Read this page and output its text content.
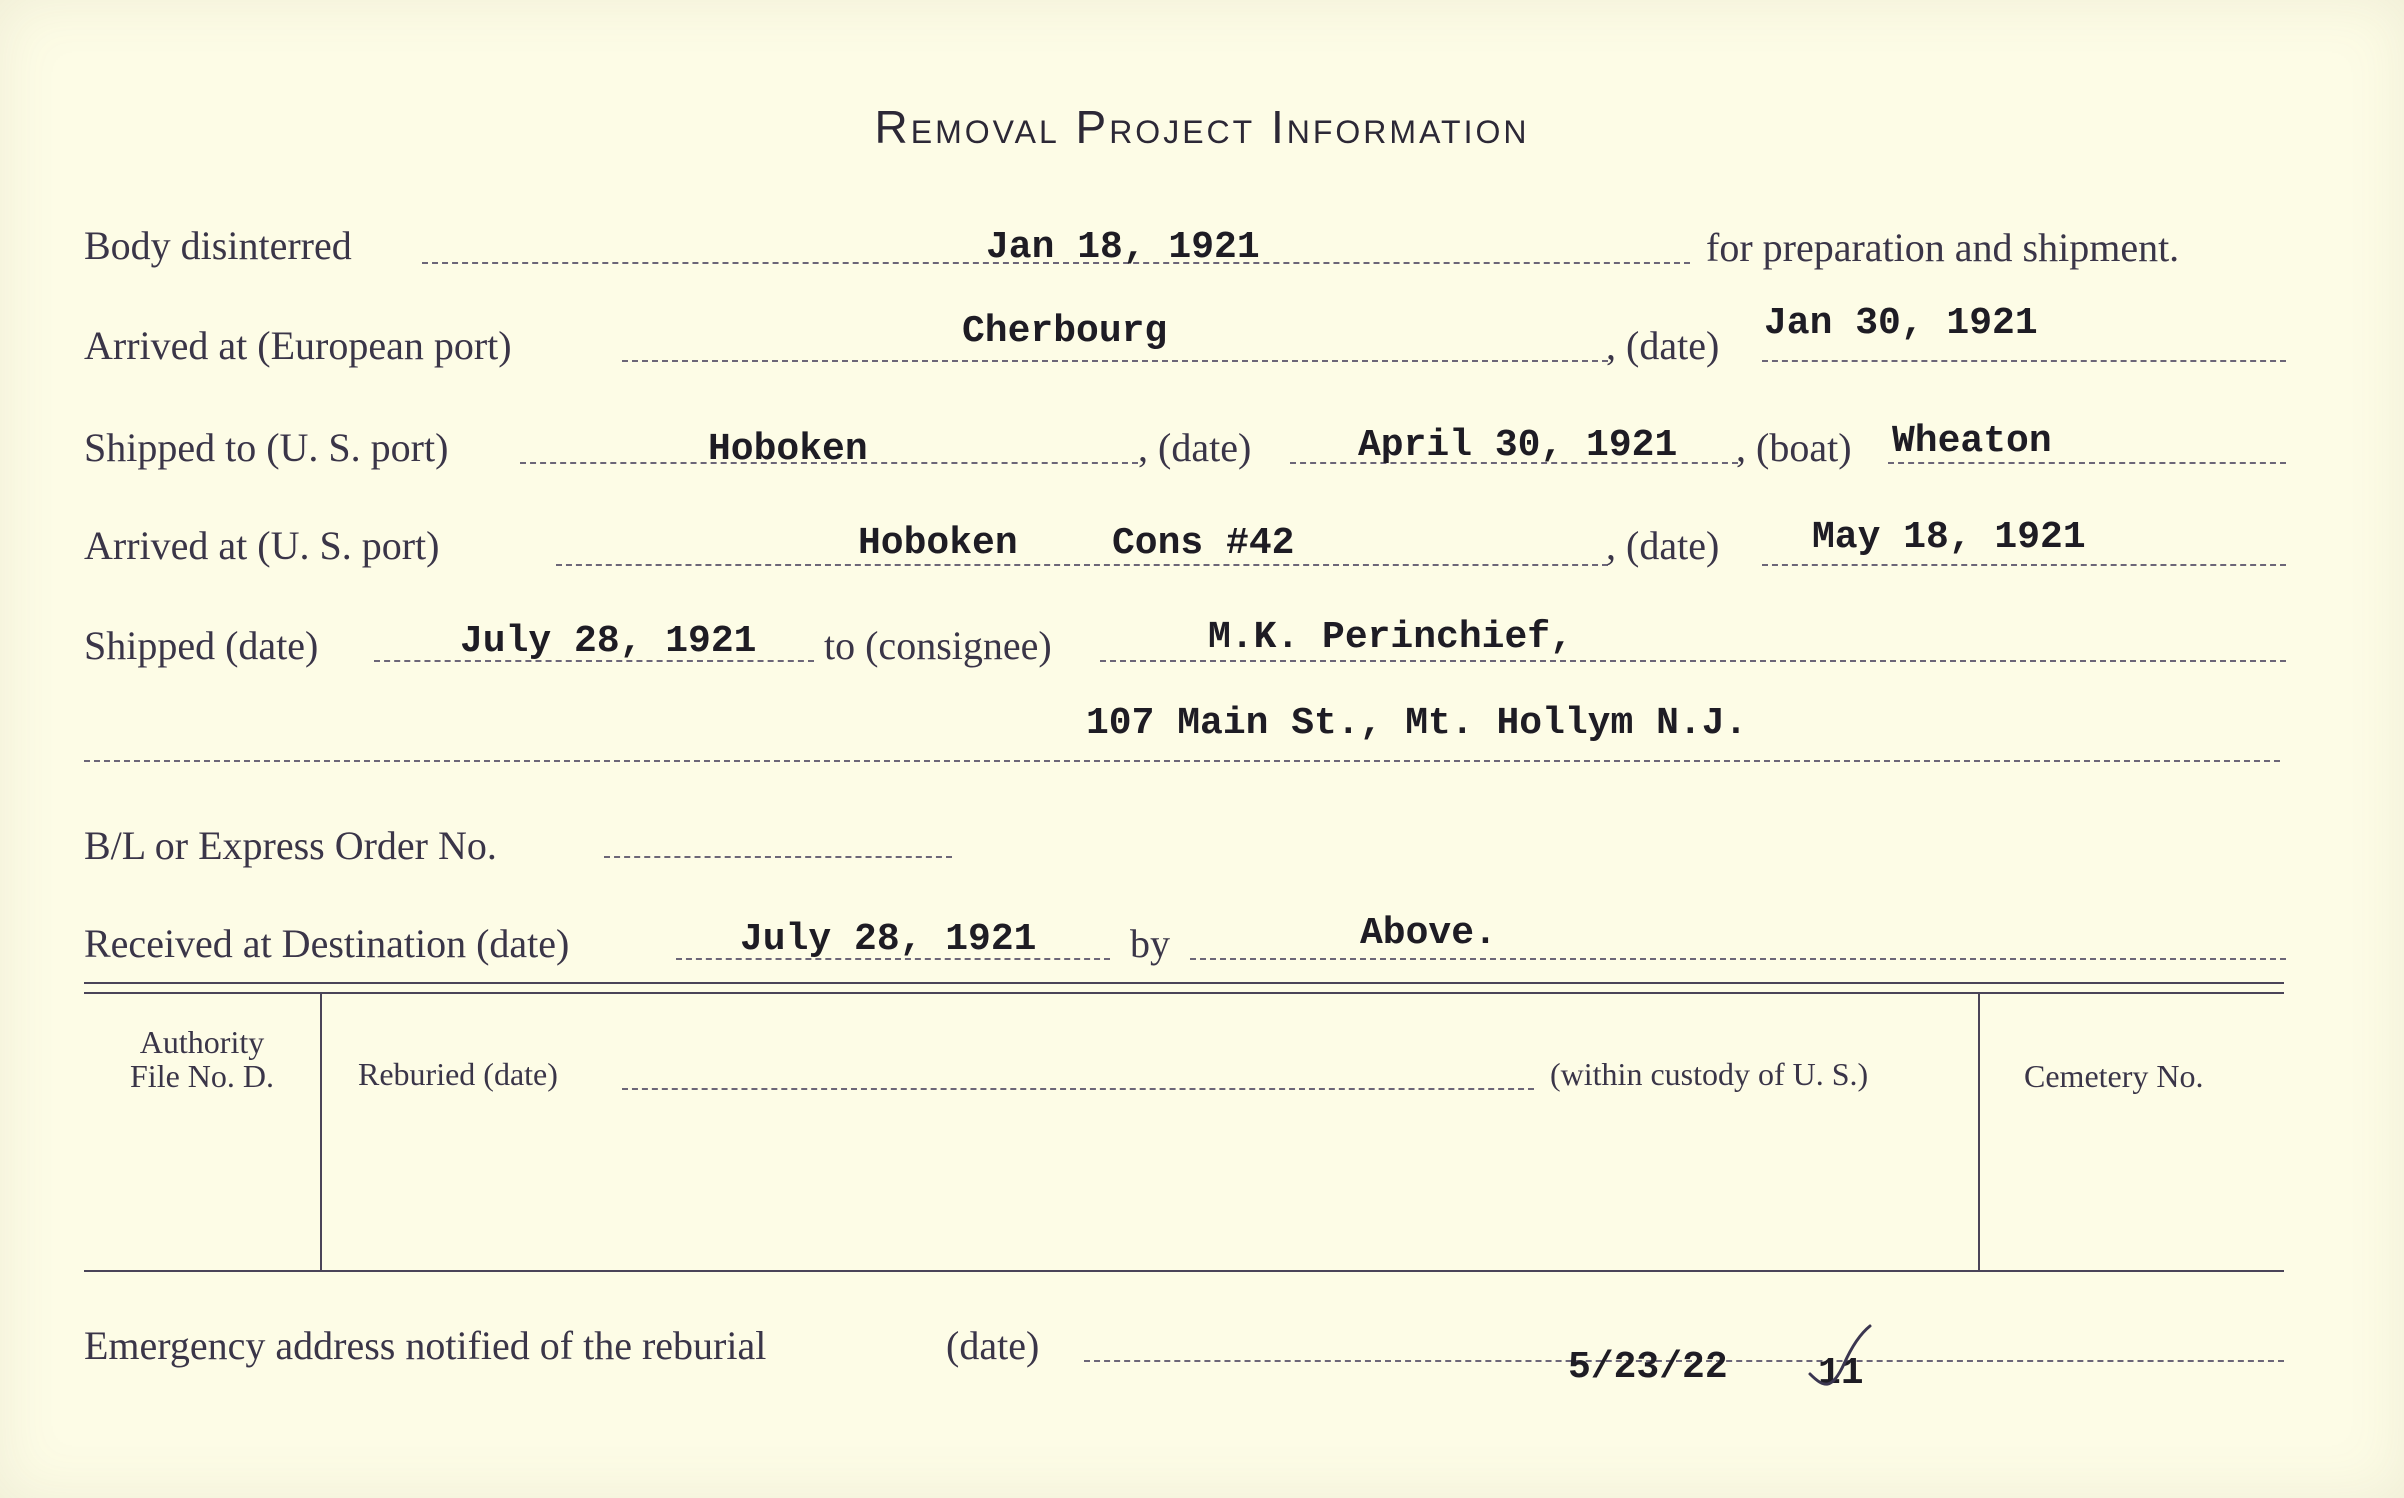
Removal Project Information
Body disinterred	Jan 18, 1921	for preparation and shipment.
Arrived at (European port)	Cherbourg	, (date) Jan 30, 1921
Shipped to (U. S. port)	Hoboken	, (date)	April 30, 1921 , (boat) Wheaton
Arrived at (U. S. port)	Hoboken Cons #42	, (date) May 18, 1921
Shipped (date)	July 28, 1921 to (consignee)	M.K. Perinchief,
107 Main St., Mt. Hollym N.J.
B/L or Express Order No.
Received at Destination (date)	July 28, 1921 by	Above.
Authority
File No. D.	Reburied (date)	(within custody of U. S.)	Cemetery No.
Emergency address notified of the reburial	(date)	5/23/22 11
